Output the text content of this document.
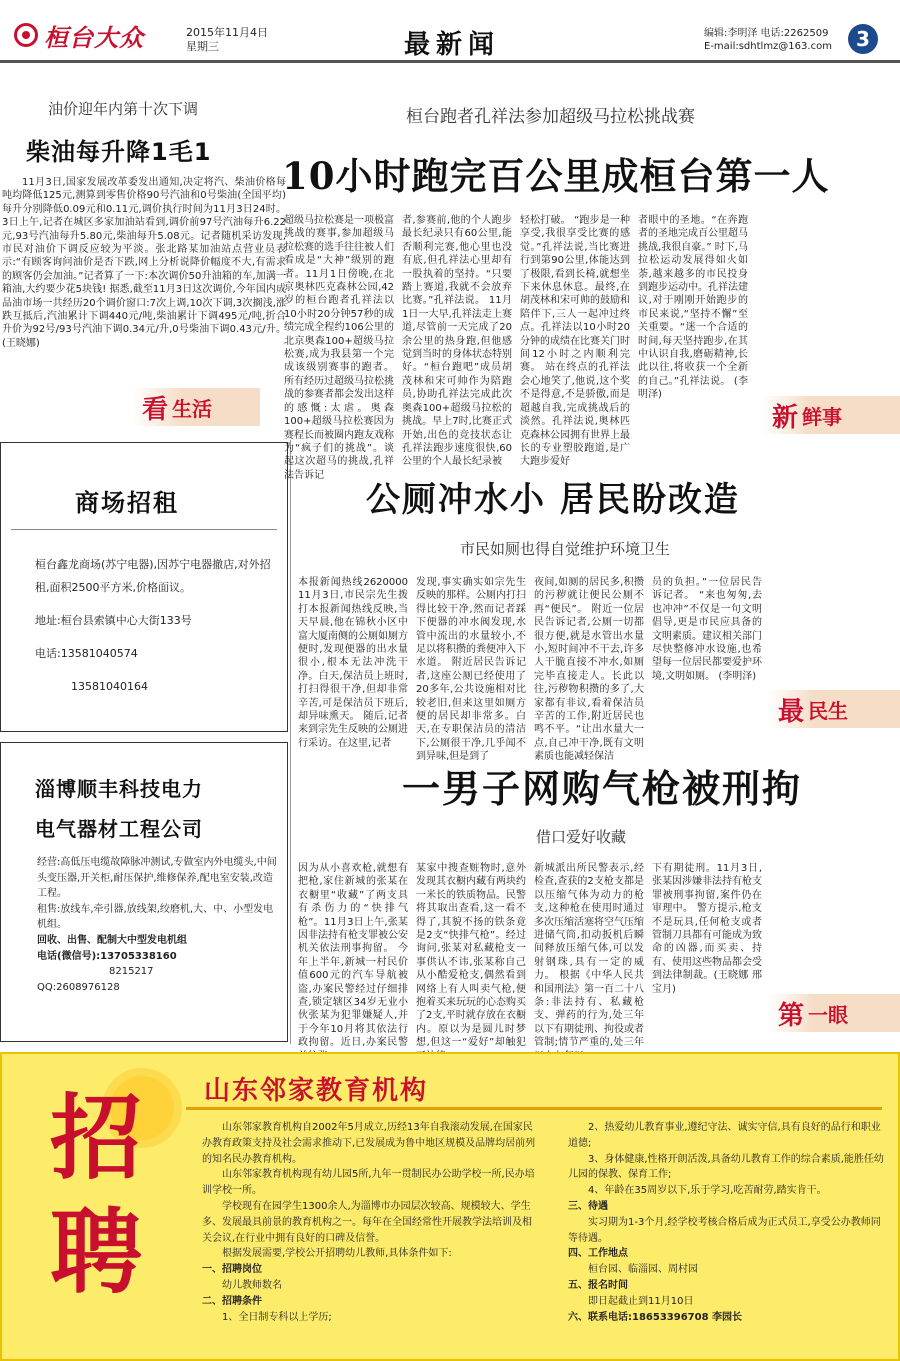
桓台大众	2015年11月4日
星期三	最新闻	编辑:李明泽 电话:2262509
E-mail:sdhtlmz@163.com	3
油价迎年内第十次下调
柴油每升降1毛1
11月3日,国家发展改革委发出通知,决定将汽、柴油价格每吨均降低125元,测算到零售价格90号汽油和0号柴油(全国平均)每升分别降低0.09元和0.11元,调价执行时间为11月3日24时。 3日上午,记者在城区多家加油站看到,调价前97号汽油每升6.22元,93号汽油每升5.80元,柴油每升5.08元。记者随机采访发现,市民对油价下调反应较为平淡。张北路某加油站点营业员表示:“有顾客询问油价是否下跌,网上分析说降价幅度不大,有需求的顾客仍会加油。”记者算了一下:本次调价50升油箱的车,加满一箱油,大约要少花5块钱! 据悉,截至11月3日这次调价,今年国内成品油市场一共经历20个调价窗口:7次上调,10次下调,3次搁浅,涨跌互抵后,汽油累计下调440元/吨,柴油累计下调495元/吨,折合升价为92号/93号汽油下调0.34元/升,0号柴油下调0.43元/升。(王晓娜)
看 生活
商场招租

桓台鑫龙商场(苏宁电器),因苏宁电器撤店,对外招租,面积2500平方米,价格面议。

地址:桓台县索镇中心大街133号

电话:13581040574

13581040164

淄博顺丰科技电力
电气器材工程公司
经营:高低压电缆故障脉冲测试,专做室内外电缆头,中间头变压器,开关柜,耐压保护,维修保养,配电室安装,改造工程。
租售:放线车,牵引器,放线架,绞磨机,大、中、小型发电机组。
回收、出售、配制大中型发电机组
电话(微信号):13705338160
8215217
QQ:2608976128
桓台跑者孔祥法参加超级马拉松挑战赛
10小时跑完百公里成桓台第一人
超级马拉松赛是一项极富挑战的赛事,参加超级马拉松赛的选手往往被人们看成是“大神”级别的跑者。11月1日傍晚,在北京奥林匹克森林公园,42岁的桓台跑者孔祥法以10小时20分钟57秒的成绩完成全程约106公里的北京奥森100+超级马拉松赛,成为我县第一个完成该级别赛事的跑者。 所有经历过超级马拉松挑战的参赛者都会发出这样的感慨:太虐。奥森100+超级马拉松赛因为赛程长而被圈内跑友戏称为“疯子们的挑战”。谈起这次超马的挑战,孔祥法告诉记
者,参赛前,他的个人跑步最长纪录只有60公里,能否顺利完赛,他心里也没有底,但孔祥法心里却有一股执着的坚持。“只要踏上赛道,我就不会放弃比赛。”孔祥法说。 11月1日一大早,孔祥法走上赛道,尽管前一天完成了20余公里的热身跑,但他感觉到当时的身体状态特别好。“桓台跑吧”成员胡茂林和宋可帅作为陪跑员,协助孔祥法完成此次奥森100+超级马拉松的挑战。早上7时,比赛正式开始,出色的竞技状态让孔祥法跑步速度很快,60公里的个人最长纪录被
轻松打破。 “跑步是一种享受,我很享受比赛的感觉。”孔祥法说,当比赛进行到第90公里,体能达到了极限,看到长椅,就想坐下来休息休息。最终,在胡茂林和宋可帅的鼓励和陪伴下,三人一起冲过终点。孔祥法以10小时20分钟的成绩在比赛关门时间12小时之内顺利完赛。 站在终点的孔祥法会心地笑了,他说,这个奖不是得意,不是骄傲,而是超越自我,完成挑战后的淡然。孔祥法说,奥林匹克森林公园拥有世界上最长的专业塑胶跑道,是广大跑步爱好
者眼中的圣地。“在奔跑者的圣地完成百公里超马挑战,我很自豪。” 时下,马拉松运动发展得如火如荼,越来越多的市民投身到跑步运动中。孔祥法建议,对于刚刚开始跑步的市民来说,“坚持不懈”至关重要。“迷一个合适的时间,每天坚持跑步,在其中认识自我,磨砺精神,长此以往,将收获一个全新的自己。”孔祥法说。 (李明泽)
新 鲜事
公厕冲水小 居民盼改造
市民如厕也得自觉维护环境卫生
本报新闻热线2620000 11月3日,市民宗先生拨打本报新闻热线反映,当天早晨,他在锦秋小区中富大厦南侧的公厕如厕方便时,发现便器的出水量很小,根本无法冲洗干净。白天,保洁员上班时,打扫得很干净,但却非常辛苦,可是保洁员下班后,却异味熏天。 随后,记者来到宗先生反映的公厕进行采访。在这里,记者
发现,事实确实如宗先生反映的那样。公厕内打扫得比较干净,然而记者踩下便器的冲水阀发现,水管中流出的水量较小,不足以将积攒的粪便冲入下水道。 附近居民告诉记者,这座公厕已经使用了20多年,公共设施相对比较老旧,但来这里如厕方便的居民却非常多。白天,在专职保洁员的清洁下,公厕很干净,几乎闻不到异味,但是到了
夜间,如厕的居民多,积攒的污秽就让便民公厕不再“便民”。 附近一位居民告诉记者,公厕一切都很方便,就是水管出水量小,短时间冲不干去,许多人干脆直接不冲水,如厕完毕直接走人。长此以往,污秽物积攒的多了,大家都有非议,看着保洁员辛苦的工作,附近居民也鸣不平。“让出水量大一点,自己冲干净,既有文明素质也能减轻保洁
员的负担。”一位居民告诉记者。 “来也匆匆,去也冲冲”不仅是一句文明倡导,更是市民应具备的文明素质。建议相关部门尽快整修冲水设施,也希望每一位居民都要爱护环境,文明如厕。 (李明泽)
最 民生
一男子网购气枪被刑拘
借口爱好收藏
因为从小喜欢枪,就想有把枪,家住新城的张某在衣橱里“收藏”了两支具有杀伤力的“快排气枪”。11月3日上午,张某因非法持有枪支罪被公安机关依法刑事拘留。 今年上半年,新城一村民价值600元的汽车导航被盗,办案民警经过仔细排查,锁定辖区34岁无业小伙张某为犯罪嫌疑人,并于今年10月将其依法行政拘留。近日,办案民警
某家中搜查赃物时,意外发现其衣橱内藏有两块约一米长的铁质物品。民警将其取出查看,这一看不得了,其貌不扬的铁条竟是2支“快排气枪”。经过询问,张某对私藏枪支一事供认不讳,张某称自己从小酷爱枪支,偶然看到网络上有人叫卖气枪,便抱着买来玩玩的心态购买了2支,平时就存放在衣橱内。原以为是圆儿时梦想,但这一“爱好”却触犯
新城派出所民警表示,经检查,查获的2支枪支都是以压缩气体为动力的枪支,这种枪在使用时通过多次压缩活塞将空气压缩进储气筒,扣动扳机后瞬间释放压缩气体,可以发射钢珠,具有一定的威力。 根据《中华人民共和国刑法》第一百二十八条:非法持有、私藏枪支、弹药的行为,处三年以下有期徒刑、拘役或者管制;情节严重的,处三年
下有期徒刑。11月3日,张某因涉嫌非法持有枪支罪被刑事拘留,案件仍在审理中。 警方提示,枪支不是玩具,任何枪支或者管制刀具都有可能成为致命的凶器,而买卖、持有、使用这些物品都会受到法律制裁。(王晓娜 邢宝月)
第 一眼
招
聘
山东邻家教育机构

山东邻家教育机构自2002年5月成立,历经13年自我滚动发展,在国家民办教育政策支持及社会需求推动下,已发展成为鲁中地区规模及品牌均居前列的知名民办教育机构。

山东邻家教育机构现有幼儿园5所,九年一贯制民办公助学校一所,民办培训学校一所。

学校现有在园学生1300余人,为淄博市办园层次较高、规模较大、学生多、发展最具前景的教育机构之一。每年在全国经常性开展教学法培训及相关会议,在行业中拥有良好的口碑及信誉。

根据发展需要,学校公开招聘幼儿教师,具体条件如下:

一、招聘岗位

幼儿教师数名

二、招聘条件

1、全日制专科以上学历;

2、热爱幼儿教育事业,遵纪守法、诚实守信,具有良好的品行和职业道德;

3、身体健康,性格开朗活泼,具备幼儿教育工作的综合素质,能胜任幼儿园的保教、保育工作;

4、年龄在35周岁以下,乐于学习,吃苦耐劳,踏实肯干。

三、待遇

实习期为1-3个月,经学校考核合格后成为正式员工,享受公办教师同等待遇。

四、工作地点

桓台园、临淄园、周村园

五、报名时间

即日起截止到11月10日

六、联系电话:18653396708 李园长
